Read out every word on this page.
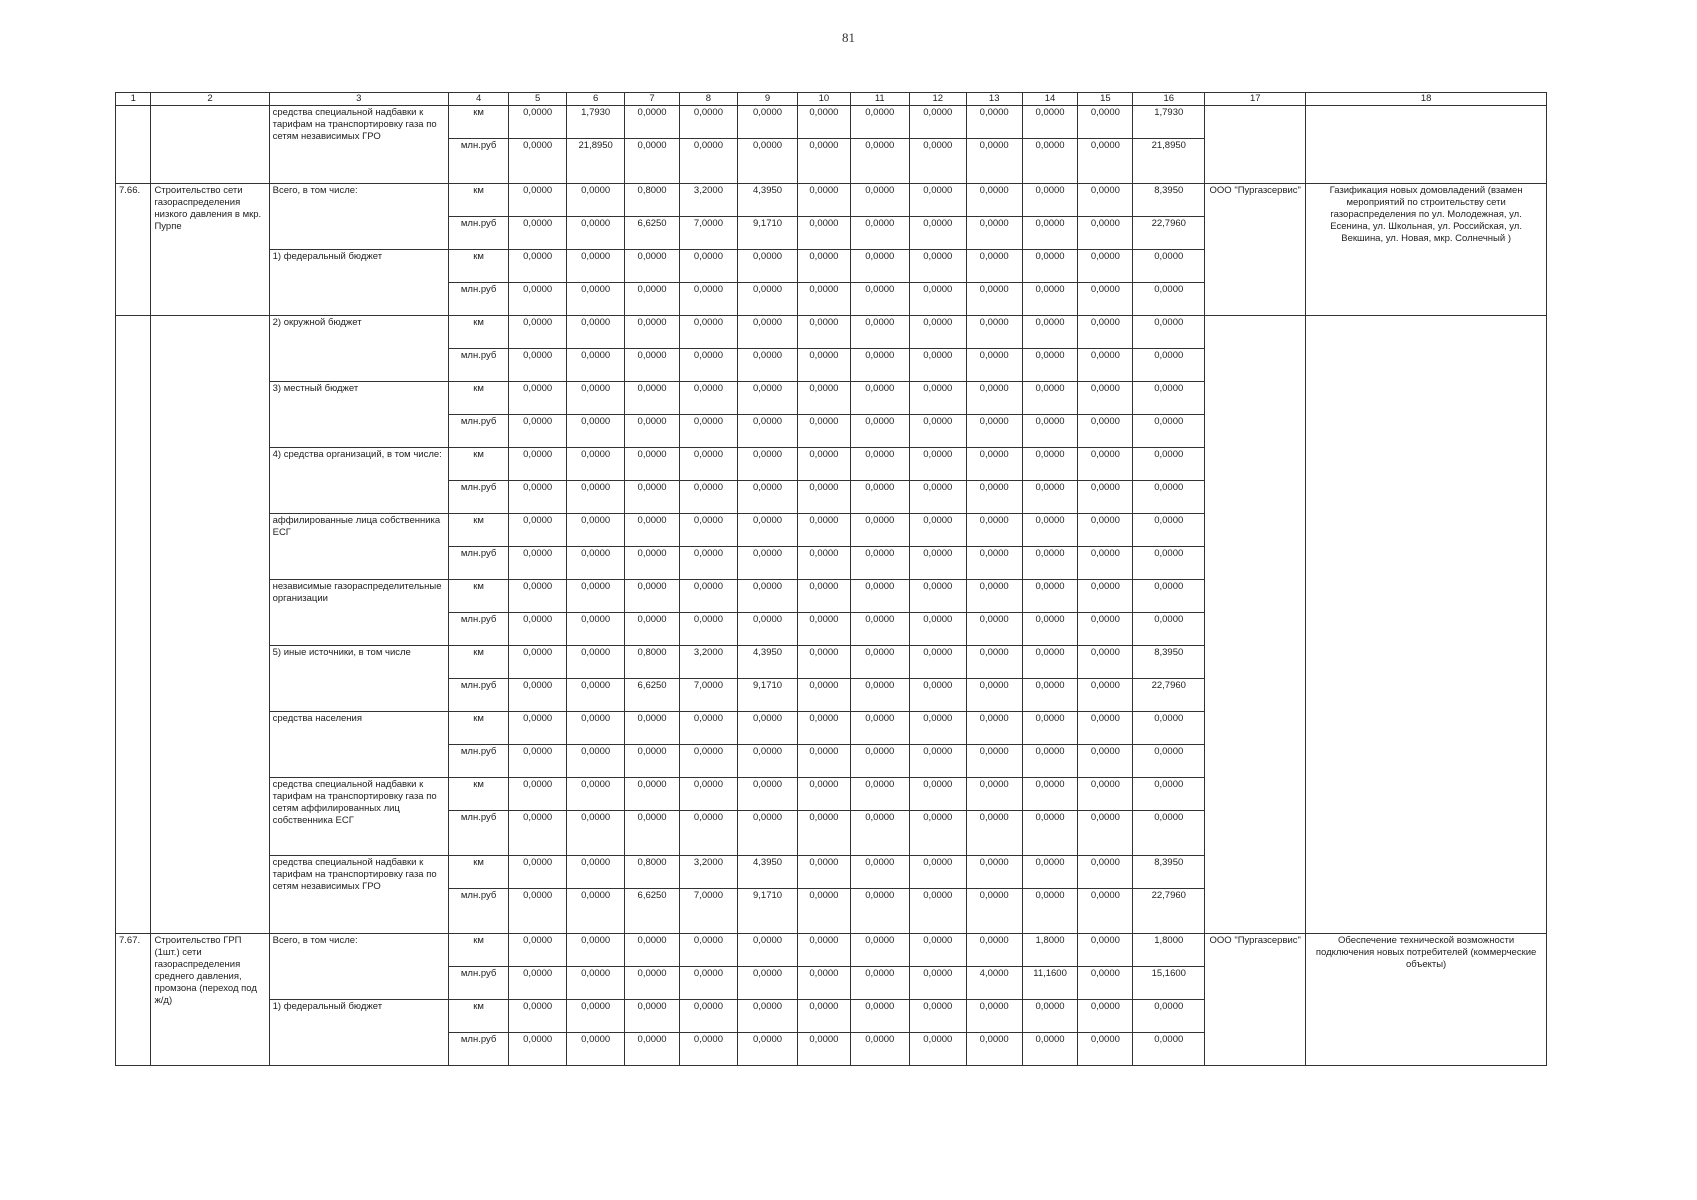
81
1	2	3	4	5	6	7	8	9	10	11	12	13	14	15	16	17	18
		средства специальной надбавки к тарифам на транспортировку газа по сетям независимых ГРО	км	0,0000	1,7930	0,0000	0,0000	0,0000	0,0000	0,0000	0,0000	0,0000	0,0000	0,0000	1,7930		
			млн.руб	0,0000	21,8950	0,0000	0,0000	0,0000	0,0000	0,0000	0,0000	0,0000	0,0000	0,0000	21,8950		
7.66.	Строительство сети газораспределения низкого давления в мкр. Пурпе	Всего, в том числе:	км	0,0000	0,0000	0,8000	3,2000	4,3950	0,0000	0,0000	0,0000	0,0000	0,0000	0,0000	8,3950	ООО "Пургазсервис"	Газификация новых домовладений (взамен мероприятий по строительству сети газораспределения по ул. Молодежная, ул. Есенина, ул. Школьная, ул. Российская, ул. Векшина, ул. Новая, мкр. Солнечный )
			млн.руб	0,0000	0,0000	6,6250	7,0000	9,1710	0,0000	0,0000	0,0000	0,0000	0,0000	0,0000	22,7960		
		1) федеральный бюджет	км	0,0000	0,0000	0,0000	0,0000	0,0000	0,0000	0,0000	0,0000	0,0000	0,0000	0,0000	0,0000		
			млн.руб	0,0000	0,0000	0,0000	0,0000	0,0000	0,0000	0,0000	0,0000	0,0000	0,0000	0,0000	0,0000		
		2) окружной бюджет	км	0,0000	0,0000	0,0000	0,0000	0,0000	0,0000	0,0000	0,0000	0,0000	0,0000	0,0000	0,0000		
			млн.руб	0,0000	0,0000	0,0000	0,0000	0,0000	0,0000	0,0000	0,0000	0,0000	0,0000	0,0000	0,0000		
		3) местный бюджет	км	0,0000	0,0000	0,0000	0,0000	0,0000	0,0000	0,0000	0,0000	0,0000	0,0000	0,0000	0,0000		
			млн.руб	0,0000	0,0000	0,0000	0,0000	0,0000	0,0000	0,0000	0,0000	0,0000	0,0000	0,0000	0,0000		
		4) средства организаций, в том числе:	км	0,0000	0,0000	0,0000	0,0000	0,0000	0,0000	0,0000	0,0000	0,0000	0,0000	0,0000	0,0000		
			млн.руб	0,0000	0,0000	0,0000	0,0000	0,0000	0,0000	0,0000	0,0000	0,0000	0,0000	0,0000	0,0000		
		аффилированные лица собственника ЕСГ	км	0,0000	0,0000	0,0000	0,0000	0,0000	0,0000	0,0000	0,0000	0,0000	0,0000	0,0000	0,0000		
			млн.руб	0,0000	0,0000	0,0000	0,0000	0,0000	0,0000	0,0000	0,0000	0,0000	0,0000	0,0000	0,0000		
		независимые газораспределительные организации	км	0,0000	0,0000	0,0000	0,0000	0,0000	0,0000	0,0000	0,0000	0,0000	0,0000	0,0000	0,0000		
			млн.руб	0,0000	0,0000	0,0000	0,0000	0,0000	0,0000	0,0000	0,0000	0,0000	0,0000	0,0000	0,0000		
		5) иные источники, в том числе	км	0,0000	0,0000	0,8000	3,2000	4,3950	0,0000	0,0000	0,0000	0,0000	0,0000	0,0000	8,3950		
			млн.руб	0,0000	0,0000	6,6250	7,0000	9,1710	0,0000	0,0000	0,0000	0,0000	0,0000	0,0000	22,7960		
		средства населения	км	0,0000	0,0000	0,0000	0,0000	0,0000	0,0000	0,0000	0,0000	0,0000	0,0000	0,0000	0,0000		
			млн.руб	0,0000	0,0000	0,0000	0,0000	0,0000	0,0000	0,0000	0,0000	0,0000	0,0000	0,0000	0,0000		
		средства специальной надбавки к тарифам на транспортировку газа по сетям аффилированных лиц собственника ЕСГ	км	0,0000	0,0000	0,0000	0,0000	0,0000	0,0000	0,0000	0,0000	0,0000	0,0000	0,0000	0,0000		
			млн.руб	0,0000	0,0000	0,0000	0,0000	0,0000	0,0000	0,0000	0,0000	0,0000	0,0000	0,0000	0,0000		
		средства специальной надбавки к тарифам на транспортировку газа по сетям независимых ГРО	км	0,0000	0,0000	0,8000	3,2000	4,3950	0,0000	0,0000	0,0000	0,0000	0,0000	0,0000	8,3950		
			млн.руб	0,0000	0,0000	6,6250	7,0000	9,1710	0,0000	0,0000	0,0000	0,0000	0,0000	0,0000	22,7960		
7.67.	Строительство ГРП (1шт.) сети газораспределения среднего давления, промзона (переход под ж/д)	Всего, в том числе:	км	0,0000	0,0000	0,0000	0,0000	0,0000	0,0000	0,0000	0,0000	0,0000	1,8000	0,0000	1,8000	ООО "Пургазсервис"	Обеспечение технической возможности подключения новых потребителей (коммерческие объекты)
			млн.руб	0,0000	0,0000	0,0000	0,0000	0,0000	0,0000	0,0000	0,0000	4,0000	11,1600	0,0000	15,1600		
		1) федеральный бюджет	км	0,0000	0,0000	0,0000	0,0000	0,0000	0,0000	0,0000	0,0000	0,0000	0,0000	0,0000	0,0000		
			млн.руб	0,0000	0,0000	0,0000	0,0000	0,0000	0,0000	0,0000	0,0000	0,0000	0,0000	0,0000	0,0000		
